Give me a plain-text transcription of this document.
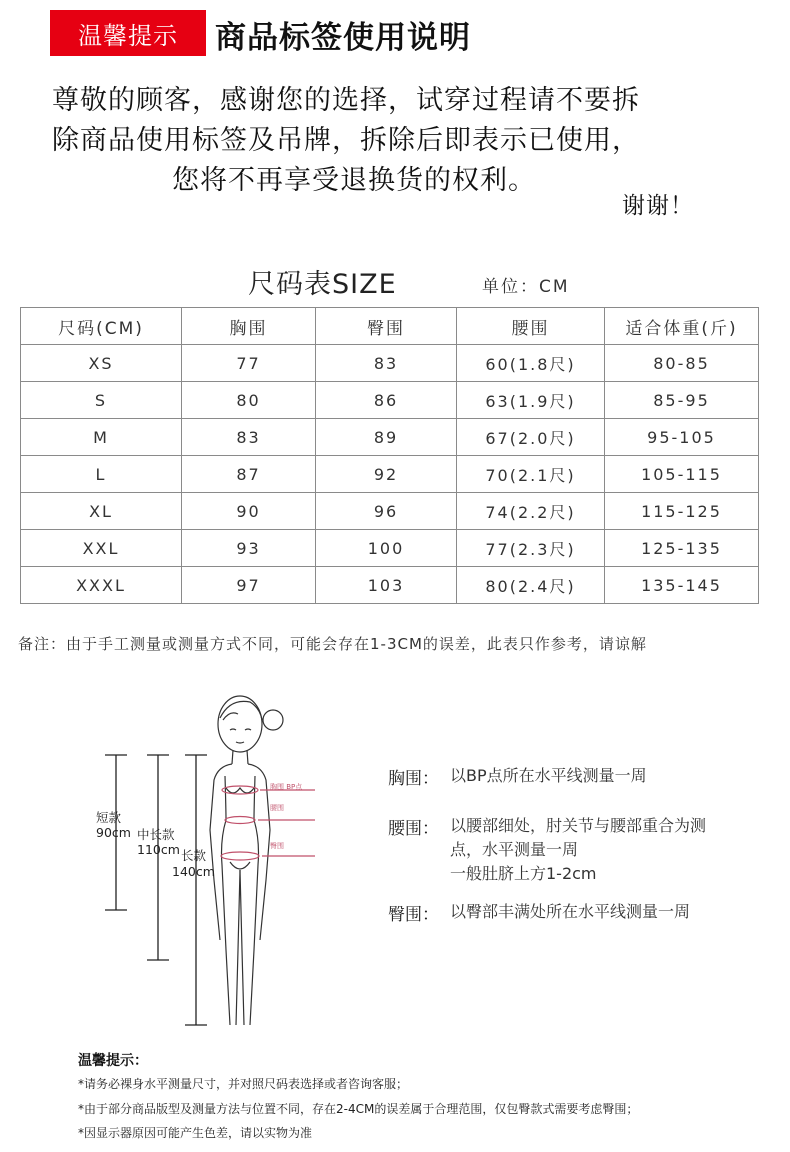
温馨提示	商品标签使用说明
尊敬的顾客，感谢您的选择，试穿过程请不要拆
除商品使用标签及吊牌，拆除后即表示已使用，
您将不再享受退换货的权利。
谢谢！
尺码表SIZE	单位：CM
尺码(CM)	胸围	臀围	腰围	适合体重(斤)
XS	77	83	60(1.8尺)	80-85
S	80	86	63(1.9尺)	85-95
M	83	89	67(2.0尺)	95-105
L	87	92	70(2.1尺)	105-115
XL	90	96	74(2.2尺)	115-125
XXL	93	100	77(2.3尺)	125-135
XXXL	97	103	80(2.4尺)	135-145
备注：由于手工测量或测量方式不同，可能会存在1-3CM的误差，此表只作参考，请谅解
胸围 BP点
腰围
臀围
短款
90cm 中长款
110cm 长款
140cm
胸围： 以BP点所在水平线测量一周
腰围： 以腰部细处，肘关节与腰部重合为测
点，水平测量一周
一般肚脐上方1-2cm
臀围： 以臀部丰满处所在水平线测量一周
温馨提示：
*请务必裸身水平测量尺寸，并对照尺码表选择或者咨询客服；
*由于部分商品版型及测量方法与位置不同，存在2-4CM的误差属于合理范围，仅包臀款式需要考虑臀围；
*因显示器原因可能产生色差，请以实物为准
